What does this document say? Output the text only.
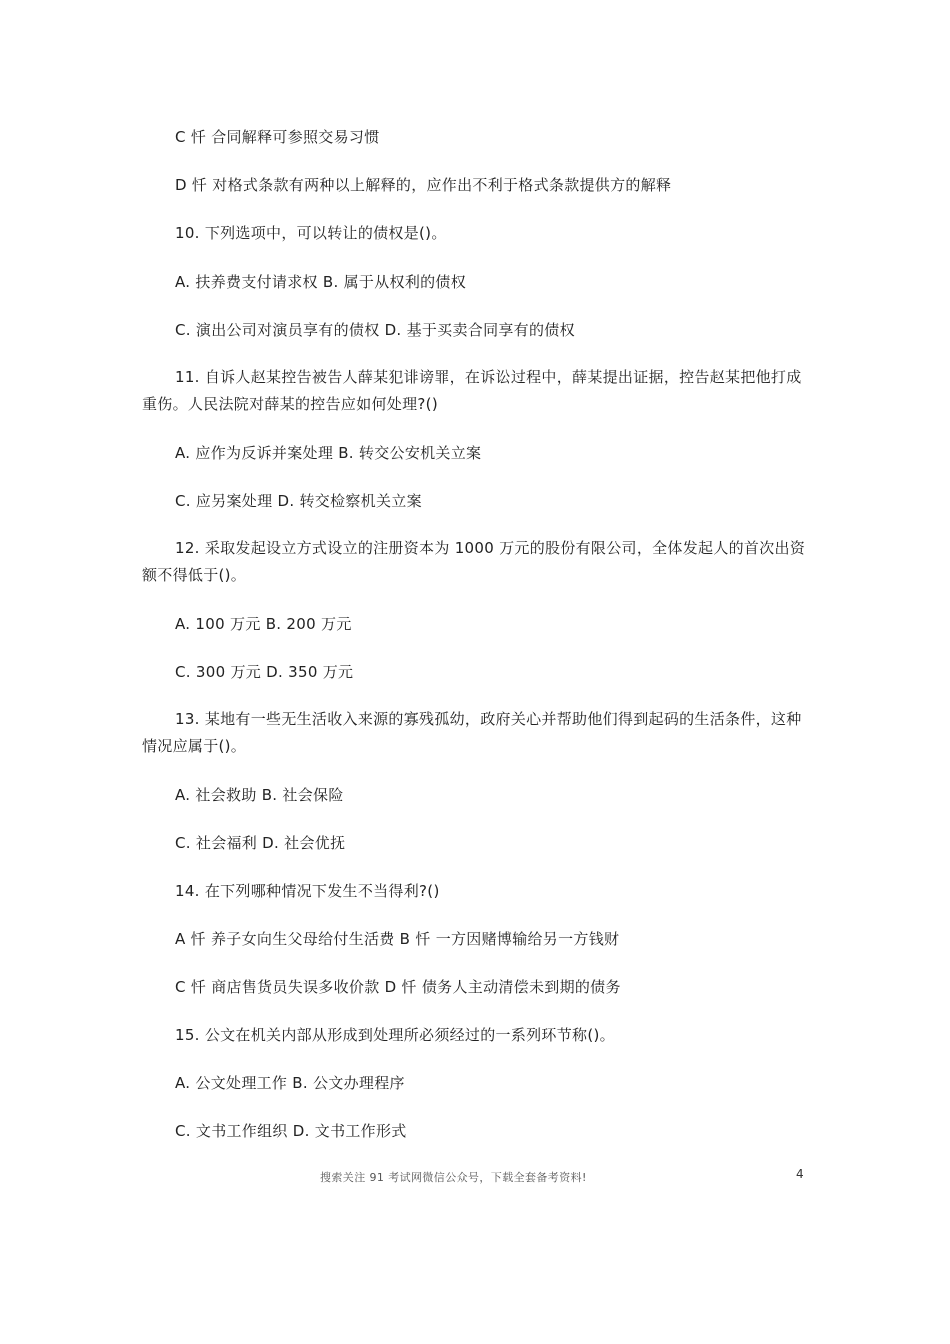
C 忏 合同解释可参照交易习惯
D 忏 对格式条款有两种以上解释的，应作出不利于格式条款提供方的解释
10. 下列选项中，可以转让的债权是()。
A. 扶养费支付请求权 B. 属于从权利的债权
C. 演出公司对演员享有的债权 D. 基于买卖合同享有的债权
11. 自诉人赵某控告被告人薛某犯诽谤罪，在诉讼过程中，薛某提出证据，控告赵某把他打成重伤。人民法院对薛某的控告应如何处理?()
A. 应作为反诉并案处理 B. 转交公安机关立案
C. 应另案处理 D. 转交检察机关立案
12. 采取发起设立方式设立的注册资本为 1000 万元的股份有限公司，全体发起人的首次出资额不得低于()。
A. 100 万元 B. 200 万元
C. 300 万元 D. 350 万元
13. 某地有一些无生活收入来源的寡残孤幼，政府关心并帮助他们得到起码的生活条件，这种情况应属于()。
A. 社会救助 B. 社会保险
C. 社会福利 D. 社会优抚
14. 在下列哪种情况下发生不当得利?()
A 忏 养子女向生父母给付生活费 B 忏 一方因赌博输给另一方钱财
C 忏 商店售货员失误多收价款 D 忏 债务人主动清偿未到期的债务
15. 公文在机关内部从形成到处理所必须经过的一系列环节称()。
A. 公文处理工作 B. 公文办理程序
C. 文书工作组织 D. 文书工作形式
搜索关注 91 考试网微信公众号，下载全套备考资料!	4
